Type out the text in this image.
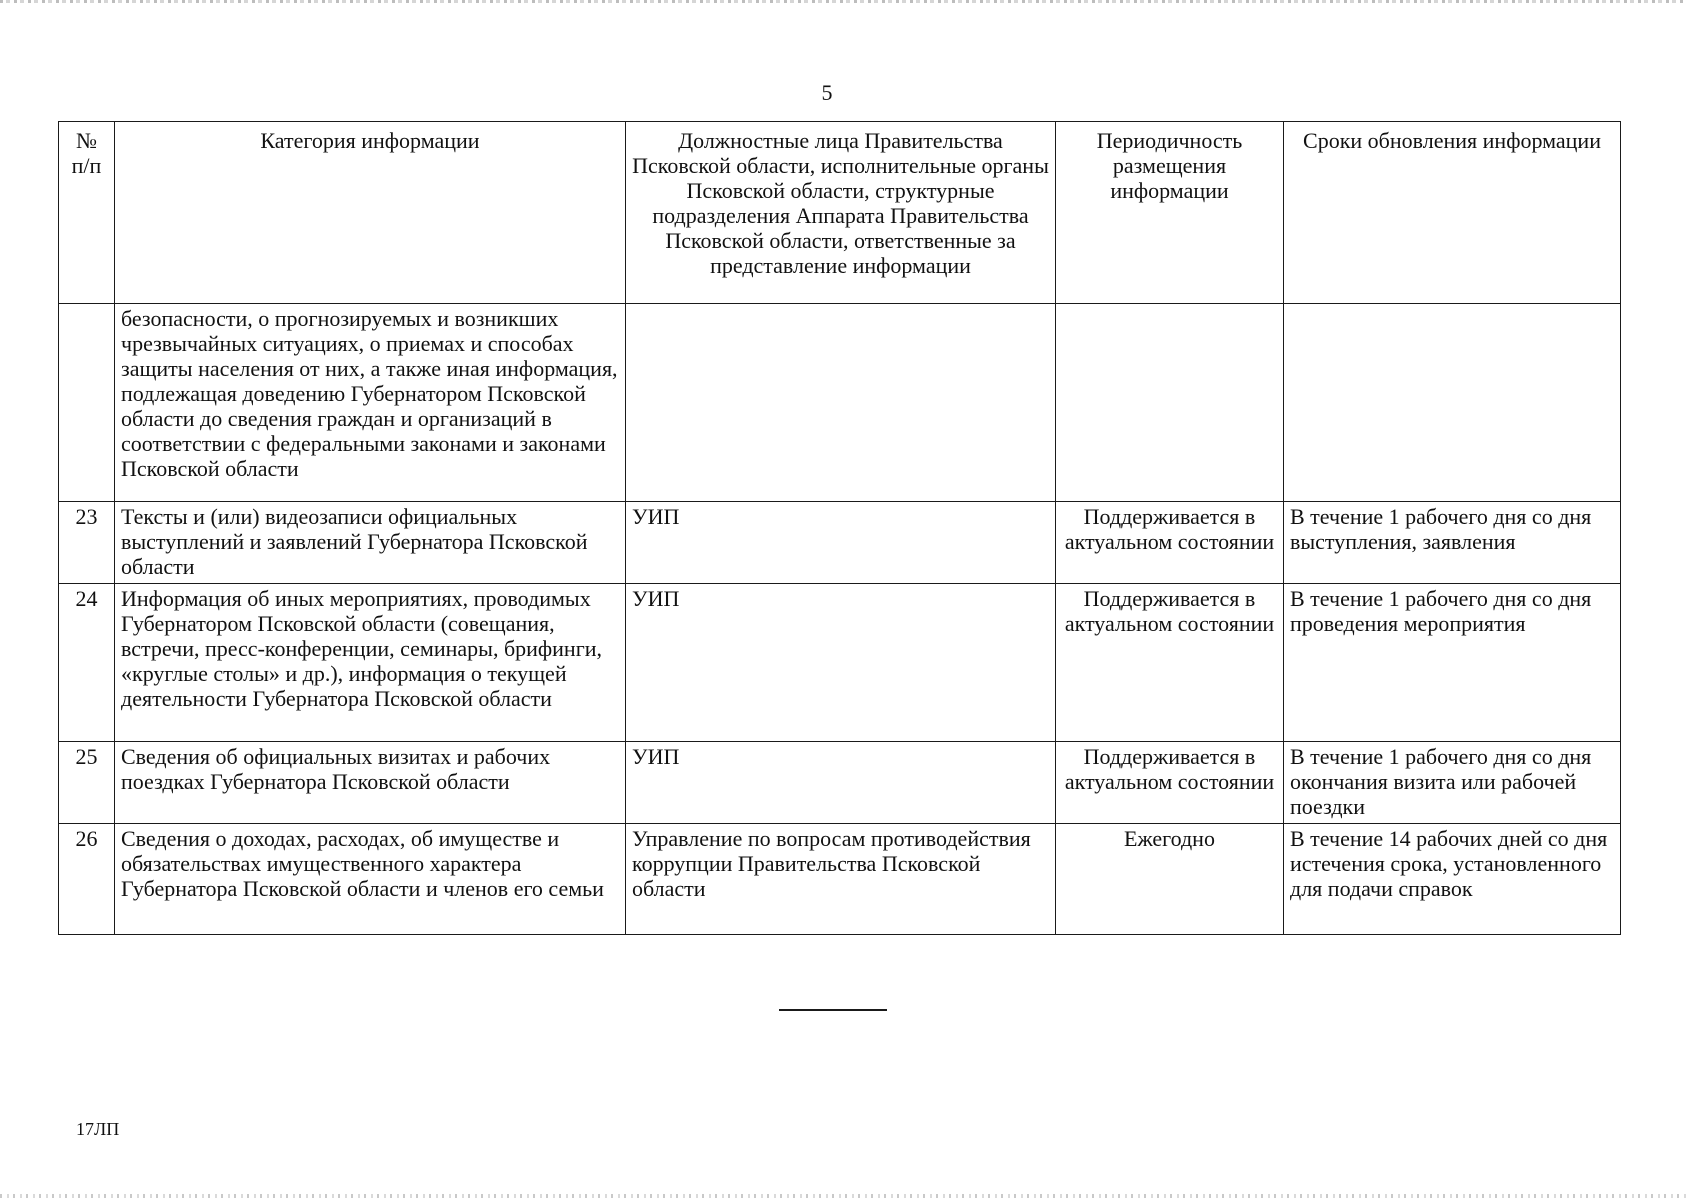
5
№ п/п	Категория информации	Должностные лица Правительства Псковской области, исполнительные органы Псковской области, структурные подразделения Аппарата Правительства Псковской области, ответственные за представление информации	Периодичность размещения информации	Сроки обновления информации
	безопасности, о прогнозируемых и возникших чрезвычайных ситуациях, о приемах и способах защиты населения от них, а также иная информация, подлежащая доведению Губернатором Псковской области до сведения граждан и организаций в соответствии с федеральными законами и законами Псковской области			
23	Тексты и (или) видеозаписи официальных выступлений и заявлений Губернатора Псковской области	УИП	Поддерживается в актуальном состоянии	В течение 1 рабочего дня со дня выступления, заявления
24	Информация об иных мероприятиях, проводимых Губернатором Псковской области (совещания, встречи, пресс-конференции, семинары, брифинги, «круглые столы» и др.), информация о текущей деятельности Губернатора Псковской области	УИП	Поддерживается в актуальном состоянии	В течение 1 рабочего дня со дня проведения мероприятия
25	Сведения об официальных визитах и рабочих поездках Губернатора Псковской области	УИП	Поддерживается в актуальном состоянии	В течение 1 рабочего дня со дня окончания визита или рабочей поездки
26	Сведения о доходах, расходах, об имуществе и обязательствах имущественного характера Губернатора Псковской области и членов его семьи	Управление по вопросам противодействия коррупции Правительства Псковской области	Ежегодно	В течение 14 рабочих дней со дня истечения срока, установленного для подачи справок
17ЛП
